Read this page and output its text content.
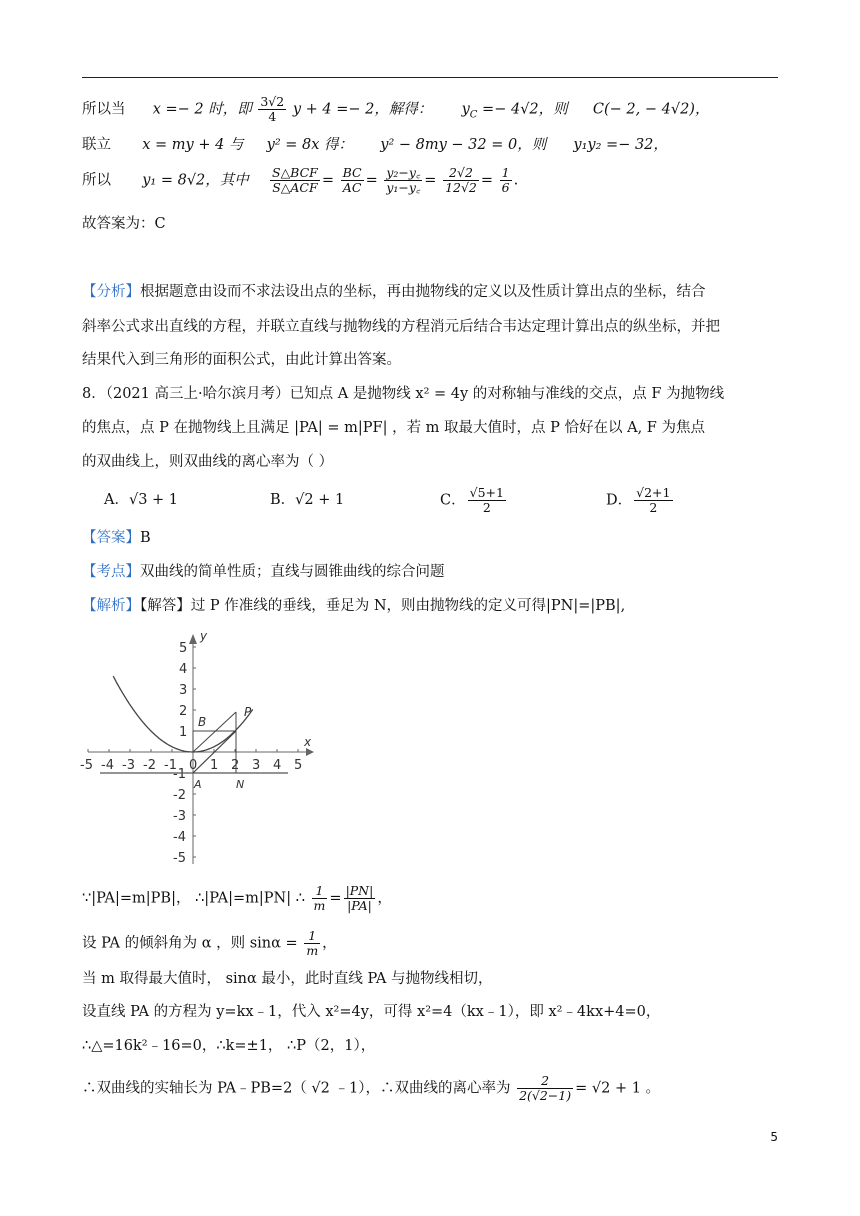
所以当 x =− 2 时，即 $\frac{3√2}{4}$ y + 4 =− 2，解得： $y_C =- 4√2$，则 C(− 2, − 4√2)，
联立 x = my + 4 与 y² = 8x 得： y² − 8my − 32 = 0，则 y₁y₂ =− 32，
所以 y₁ = 8√2，其中 $\frac{\text{S△BCF}}{\text{S△ACF}} = \frac{BC}{AC} = \frac{\text{y₂−y꜀}}{\text{y₁−y꜀}} = \frac{2√2}{12√2} = \frac{1}{6}$ .
故答案为：C
【分析】根据题意由设而不求法设出点的坐标，再由抛物线的定义以及性质计算出点的坐标，结合
斜率公式求出直线的方程，并联立直线与抛物线的方程消元后结合韦达定理计算出点的纵坐标，并把
结果代入到三角形的面积公式，由此计算出答案。
8．（2021 高三上·哈尔滨月考）已知点 A 是抛物线 x² = 4y 的对称轴与准线的交点，点 F 为抛物线
的焦点，点 P 在抛物线上且满足 |PA| = m|PF| ，若 m 取最大值时，点 P 恰好在以 A, F 为焦点
的双曲线上，则双曲线的离心率为（ ）
A．√3 + 1	B．√2 + 1	C． $\frac{√5+1}{2}$	D． $\frac{√2+1}{2}$
【答案】B
【考点】双曲线的简单性质；直线与圆锥曲线的综合问题
【解析】【解答】过 P 作准线的垂线，垂足为 N，则由抛物线的定义可得|PN|=|PB|,
x
y
-5 -4 -3 -2 -1 0 1 2 3 4 5
5
4
3
2
1
-1
-2
-3
-4
-5
B
P
A	N
∵|PA|=m|PB|， ∴|PA|=m|PN| ∴ $\frac{1}{m} = \frac{|PN|}{|PA|}$ ，
设 PA 的倾斜角为 α ，则 $\sin\alpha = \frac{1}{m}$ ，
当 m 取得最大值时， sinα 最小，此时直线 PA 与抛物线相切，
设直线 PA 的方程为 y=kx﹣1，代入 x²=4y，可得 x²=4（kx﹣1），即 x²﹣4kx+4=0，
∴△=16k²﹣16=0，∴k=±1， ∴P（2，1），
∴双曲线的实轴长为 PA﹣PB=2（ √2 ﹣1），∴双曲线的离心率为 $\frac{2}{2(√2-1)} = √2 + 1$ 。
5
